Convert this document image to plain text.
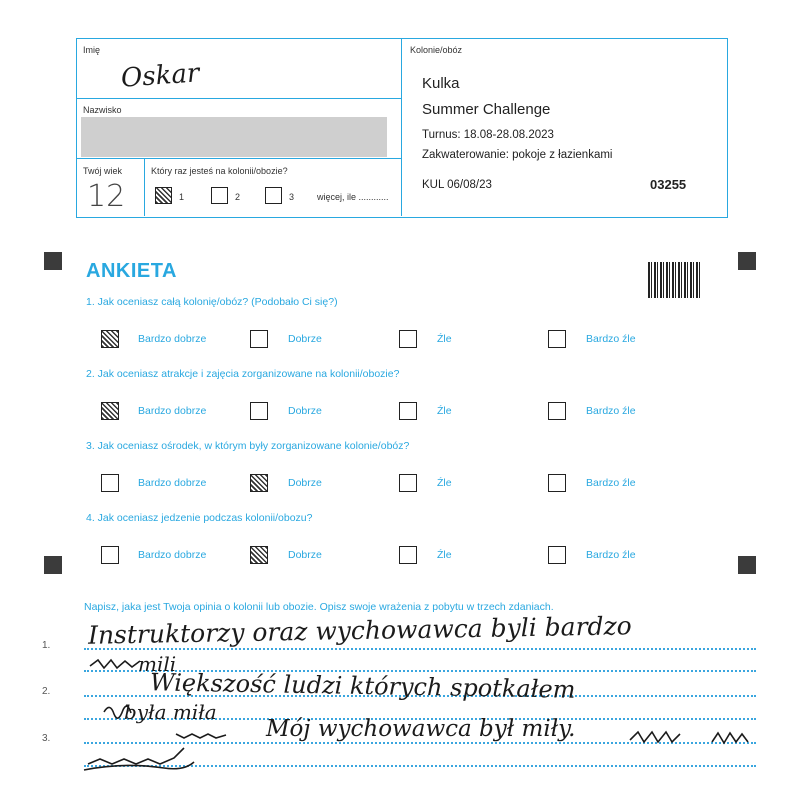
Imię
Oskar
Nazwisko
Twój wiek
12
Który raz jesteś na kolonii/obozie?
1	2	3	więcej, ile ............
Kolonie/obóz
Kulka
Summer Challenge
Turnus: 18.08-28.08.2023
Zakwaterowanie: pokoje z łazienkami
KUL 06/08/23	03255
ANKIETA
1. Jak oceniasz całą kolonię/obóz? (Podobało Ci się?)
2. Jak oceniasz atrakcje i zajęcia zorganizowane na kolonii/obozie?
3. Jak oceniasz ośrodek, w którym były zorganizowane kolonie/obóz?
4. Jak oceniasz jedzenie podczas kolonii/obozu?
Bardzo dobrze	Dobrze	Źle	Bardzo źle
Bardzo dobrze	Dobrze	Źle	Bardzo źle
Bardzo dobrze	Dobrze	Źle	Bardzo źle
Bardzo dobrze	Dobrze	Źle	Bardzo źle
Napisz, jaka jest Twoja opinia o kolonii lub obozie. Opisz swoje wrażenia z pobytu w trzech zdaniach.
1.
2.
3.
Instruktorzy oraz wychowawca byli bardzo
mili
Większość ludzi których spotkałem
była miła
Mój wychowawca był miły.
